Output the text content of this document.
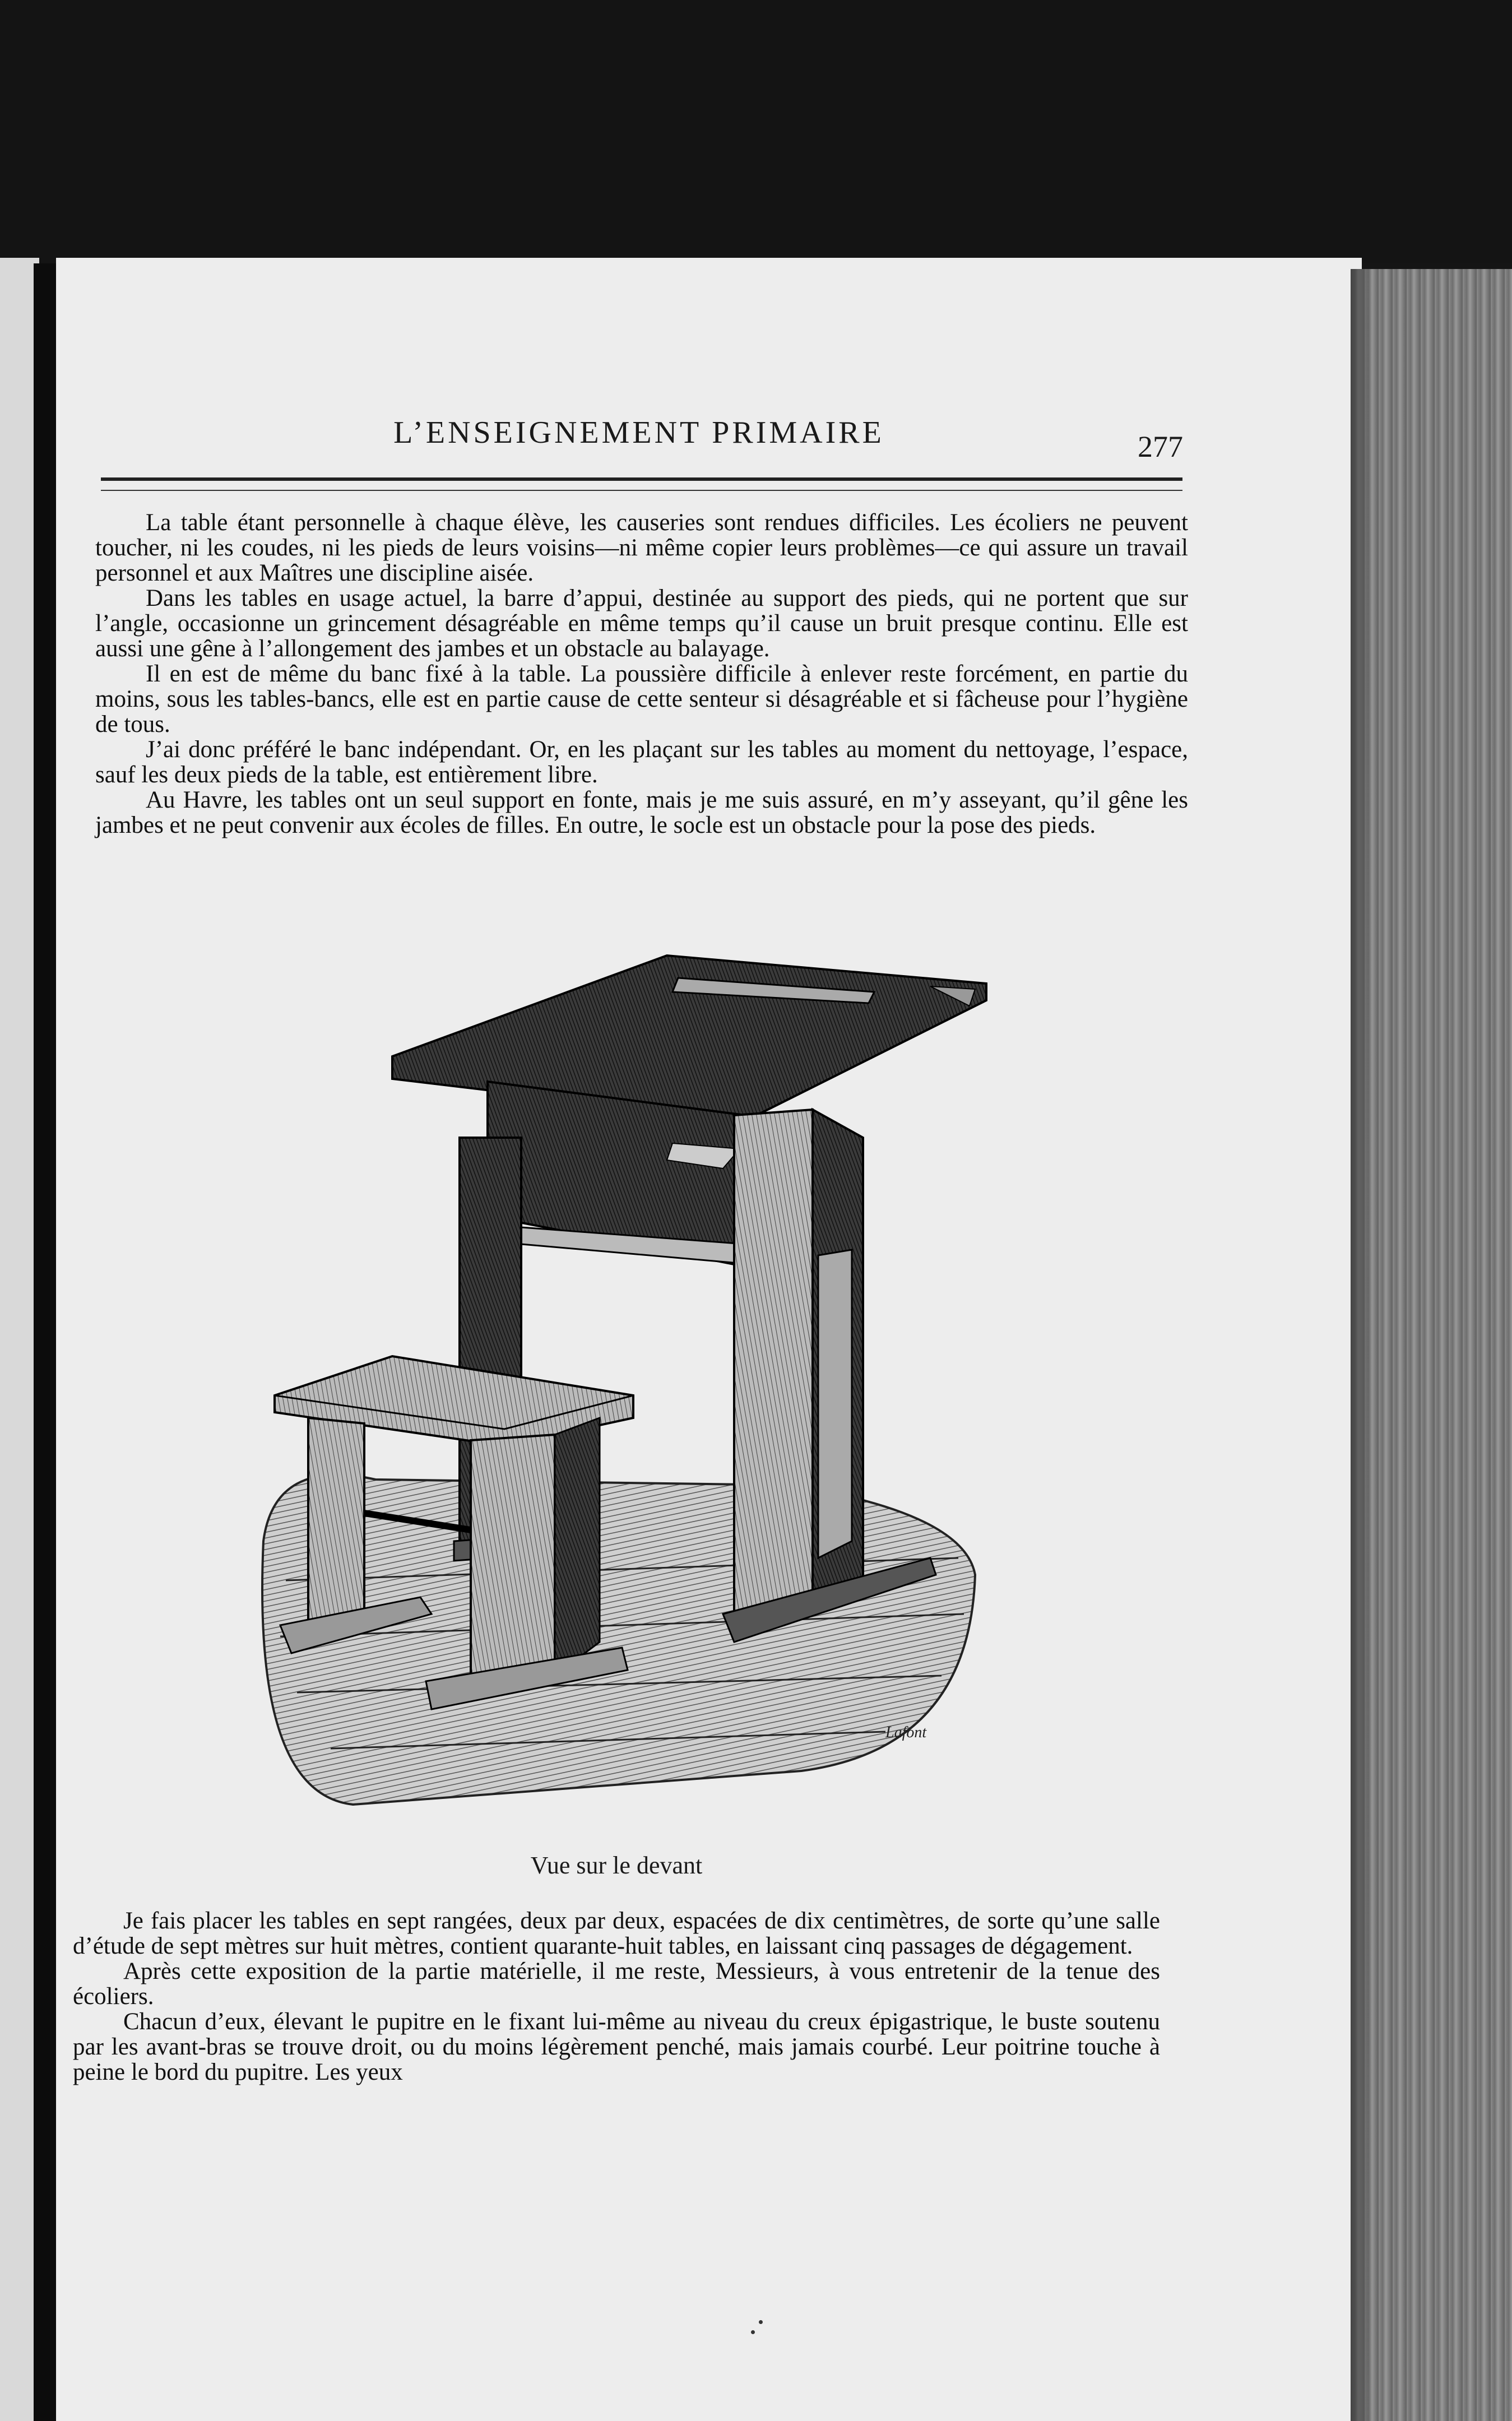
L’ENSEIGNEMENT PRIMAIRE	277

La table étant personnelle à chaque élève, les causeries sont rendues difficiles. Les écoliers ne peuvent toucher, ni les coudes, ni les pieds de leurs voisins—ni même copier leurs problèmes—ce qui assure un travail personnel et aux Maîtres une discipline aisée.

Dans les tables en usage actuel, la barre d’appui, destinée au support des pieds, qui ne portent que sur l’angle, occasionne un grincement désagréable en même temps qu’il cause un bruit presque continu. Elle est aussi une gêne à l’allongement des jambes et un obstacle au balayage.

Il en est de même du banc fixé à la table. La poussière difficile à enlever reste forcément, en partie du moins, sous les tables-bancs, elle est en partie cause de cette senteur si désagréable et si fâcheuse pour l’hygiène de tous.

J’ai donc préféré le banc indépendant. Or, en les plaçant sur les tables au moment du nettoyage, l’espace, sauf les deux pieds de la table, est entièrement libre.

Au Havre, les tables ont un seul support en fonte, mais je me suis assuré, en m’y asseyant, qu’il gêne les jambes et ne peut convenir aux écoles de filles. En outre, le socle est un obstacle pour la pose des pieds.

Lafont
Vue sur le devant

Je fais placer les tables en sept rangées, deux par deux, espacées de dix centimètres, de sorte qu’une salle d’étude de sept mètres sur huit mètres, contient quarante-huit tables, en laissant cinq passages de dégagement.

Après cette exposition de la partie matérielle, il me reste, Messieurs, à vous entretenir de la tenue des écoliers.

Chacun d’eux, élevant le pupitre en le fixant lui-même au niveau du creux épigastrique, le buste soutenu par les avant-bras se trouve droit, ou du moins légèrement penché, mais jamais courbé. Leur poitrine touche à peine le bord du pupitre. Les yeux
